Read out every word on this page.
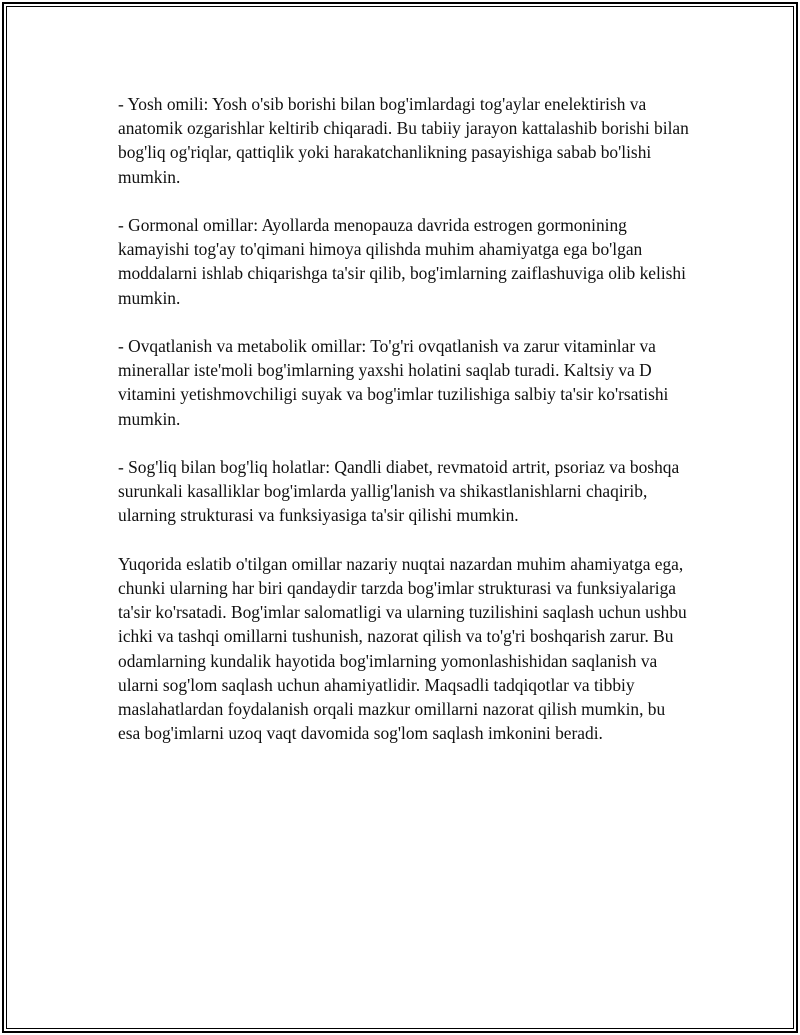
- Yosh omili: Yosh o'sib borishi bilan bog'imlardagi tog'aylar enelektirish va anatomik ozgarishlar keltirib chiqaradi. Bu tabiiy jarayon kattalashib borishi bilan bog'liq og'riqlar, qattiqlik yoki harakatchanlikning pasayishiga sabab bo'lishi mumkin.

- Gormonal omillar: Ayollarda menopauza davrida estrogen gormonining kamayishi tog'ay to'qimani himoya qilishda muhim ahamiyatga ega bo'lgan moddalarni ishlab chiqarishga ta'sir qilib, bog'imlarning zaiflashuviga olib kelishi mumkin.

- Ovqatlanish va metabolik omillar: To'g'ri ovqatlanish va zarur vitaminlar va minerallar iste'moli bog'imlarning yaxshi holatini saqlab turadi. Kaltsiy va D vitamini yetishmovchiligi suyak va bog'imlar tuzilishiga salbiy ta'sir ko'rsatishi mumkin.

- Sog'liq bilan bog'liq holatlar: Qandli diabet, revmatoid artrit, psoriaz va boshqa surunkali kasalliklar bog'imlarda yallig'lanish va shikastlanishlarni chaqirib, ularning strukturasi va funksiyasiga ta'sir qilishi mumkin.

Yuqorida eslatib o'tilgan omillar nazariy nuqtai nazardan muhim ahamiyatga ega, chunki ularning har biri qandaydir tarzda bog'imlar strukturasi va funksiyalariga ta'sir ko'rsatadi. Bog'imlar salomatligi va ularning tuzilishini saqlash uchun ushbu ichki va tashqi omillarni tushunish, nazorat qilish va to'g'ri boshqarish zarur. Bu odamlarning kundalik hayotida bog'imlarning yomonlashishidan saqlanish va ularni sog'lom saqlash uchun ahamiyatlidir. Maqsadli tadqiqotlar va tibbiy maslahatlardan foydalanish orqali mazkur omillarni nazorat qilish mumkin, bu esa bog'imlarni uzoq vaqt davomida sog'lom saqlash imkonini beradi.
